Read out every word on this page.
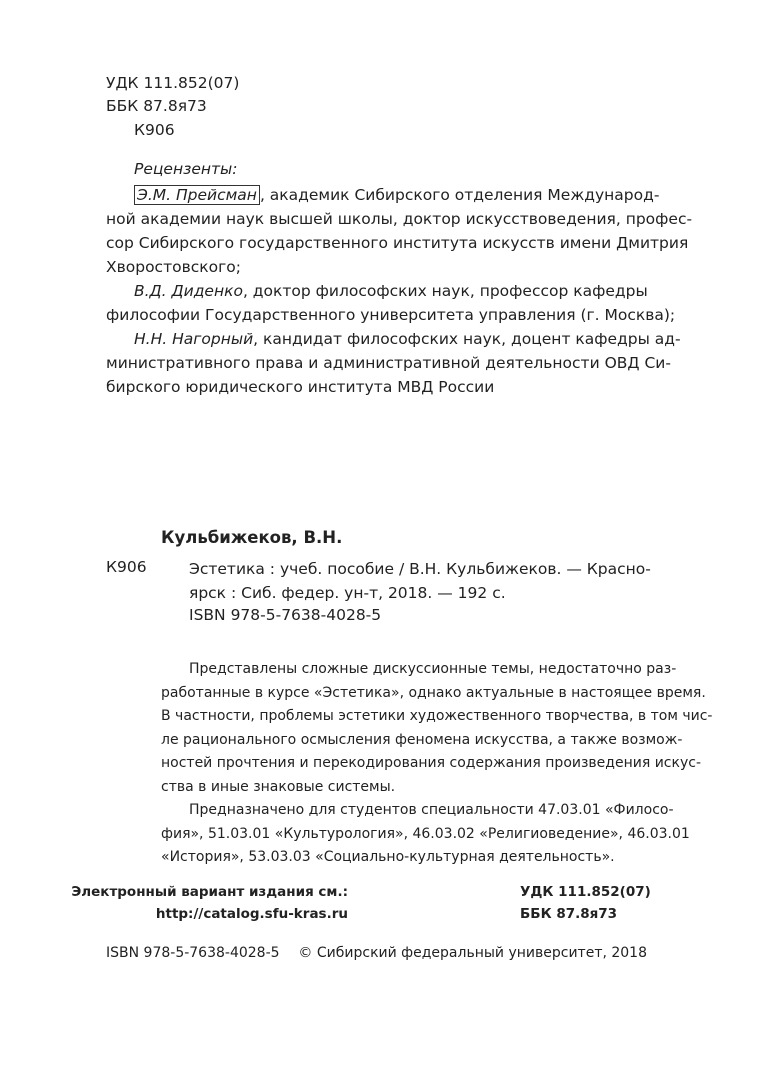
УДК 111.852(07)
ББК 87.8я73
К906
Рецензенты:
Э.М. Прейсман , академик Сибирского отделения Международ-
ной академии наук высшей школы, доктор искусствоведения, профес-
сор Сибирского государственного института искусств имени Дмитрия
Хворостовского;
В.Д. Диденко, доктор философских наук, профессор кафедры
философии Государственного университета управления (г. Москва);
Н.Н. Нагорный, кандидат философских наук, доцент кафедры ад-
министративного права и административной деятельности ОВД Си-
бирского юридического института МВД России
Кульбижеков, В.Н.
К906	Эстетика : учеб. пособие / В.Н. Кульбижеков. — Красно-
ярск : Сиб. федер. ун-т, 2018. — 192 с.
ISBN 978-5-7638-4028-5
Представлены сложные дискуссионные темы, недостаточно раз-
работанные в курсе «Эстетика», однако актуальные в настоящее время.
В частности, проблемы эстетики художественного творчества, в том чис-
ле рационального осмысления феномена искусства, а также возмож-
ностей прочтения и перекодирования содержания произведения искус-
ства в иные знаковые системы.
Предназначено для студентов специальности 47.03.01 «Филосо-
фия», 51.03.01 «Культурология», 46.03.02 «Религиоведение», 46.03.01
«История», 53.03.03 «Социально-культурная деятельность».
Электронный вариант издания см.:
http://catalog.sfu-kras.ru
УДК 111.852(07)
ББК 87.8я73
ISBN 978-5-7638-4028-5 © Сибирский федеральный университет, 2018
